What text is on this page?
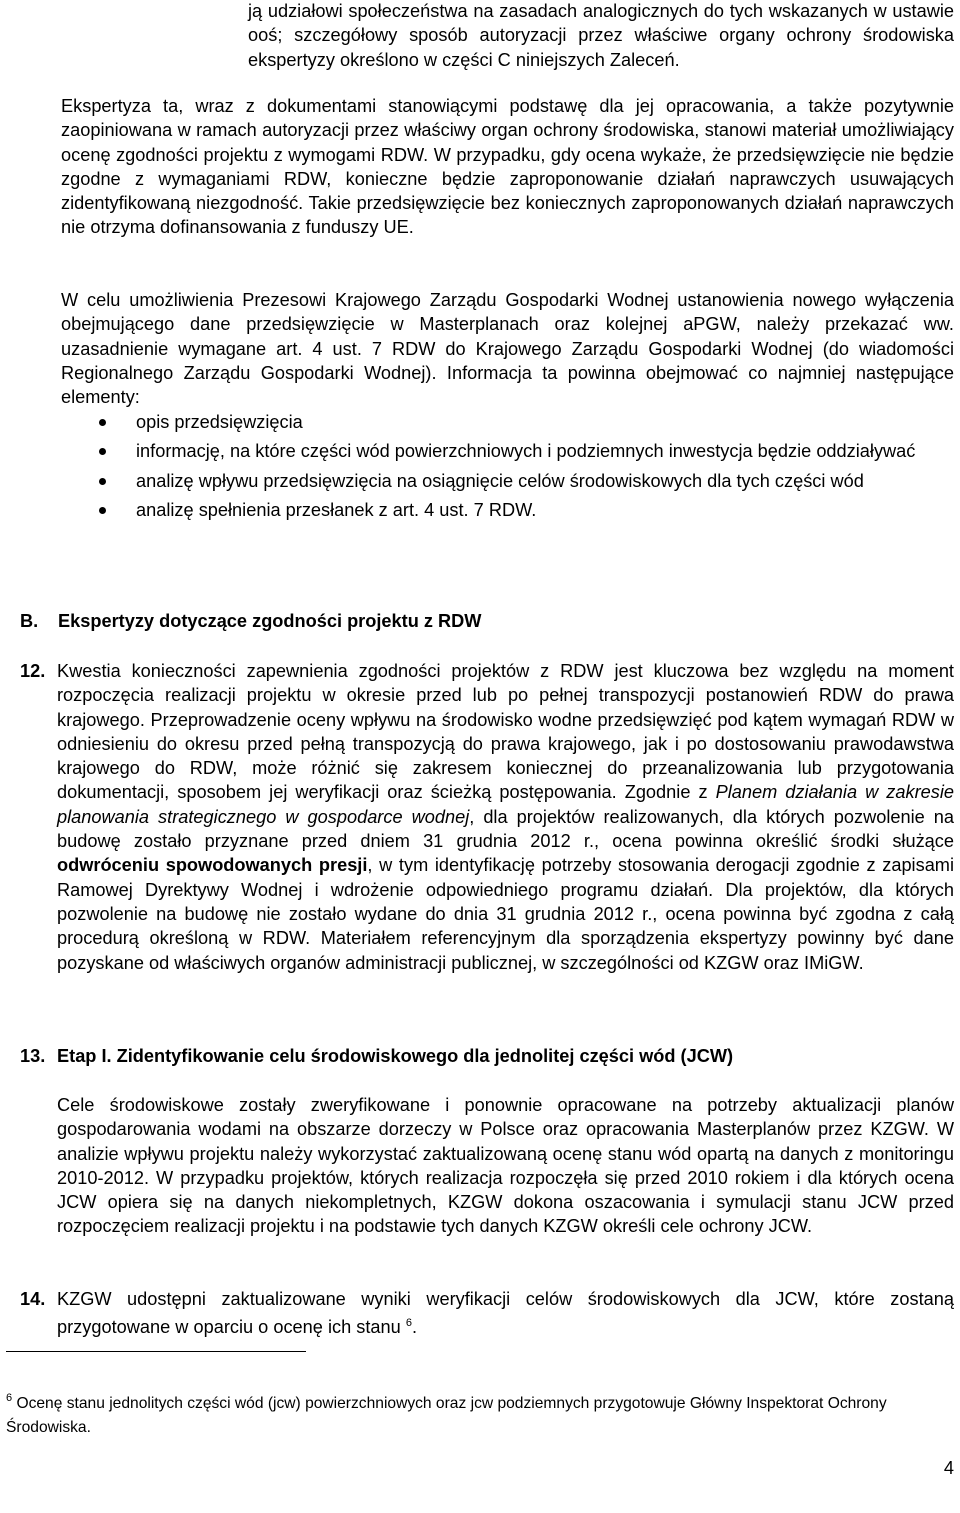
ją udziałowi społeczeństwa na zasadach analogicznych do tych wskazanych w ustawie ooś; szczegółowy sposób autoryzacji przez właściwe organy ochrony środowiska ekspertyzy określono w części C niniejszych Zaleceń.

Ekspertyza ta, wraz z dokumentami stanowiącymi podstawę dla jej opracowania, a także pozytywnie zaopiniowana w ramach autoryzacji przez właściwy organ ochrony środowiska, stanowi materiał umożliwiający ocenę zgodności projektu z wymogami RDW. W przypadku, gdy ocena wykaże, że przedsięwzięcie nie będzie zgodne z wymaganiami RDW, konieczne będzie zaproponowanie działań naprawczych usuwających zidentyfikowaną niezgodność. Takie przedsięwzięcie bez koniecznych zaproponowanych działań naprawczych nie otrzyma dofinansowania z funduszy UE.

W celu umożliwienia Prezesowi Krajowego Zarządu Gospodarki Wodnej ustanowienia nowego wyłączenia obejmującego dane przedsięwzięcie w Masterplanach oraz kolejnej aPGW, należy przekazać ww. uzasadnienie wymagane art. 4 ust. 7 RDW do Krajowego Zarządu Gospodarki Wodnej (do wiadomości Regionalnego Zarządu Gospodarki Wodnej). Informacja ta powinna obejmować co najmniej następujące elementy:

opis przedsięwzięcia
informację, na które części wód powierzchniowych i podziemnych inwestycja będzie oddziaływać
analizę wpływu przedsięwzięcia na osiągnięcie celów środowiskowych dla tych części wód
analizę spełnienia przesłanek z art. 4 ust. 7 RDW.
B. Ekspertyzy dotyczące zgodności projektu z RDW
12. Kwestia konieczności zapewnienia zgodności projektów z RDW jest kluczowa bez względu na moment rozpoczęcia realizacji projektu w okresie przed lub po pełnej transpozycji postanowień RDW do prawa krajowego. Przeprowadzenie oceny wpływu na środowisko wodne przedsięwzięć pod kątem wymagań RDW w odniesieniu do okresu przed pełną transpozycją do prawa krajowego, jak i po dostosowaniu prawodawstwa krajowego do RDW, może różnić się zakresem koniecznej do przeanalizowania lub przygotowania dokumentacji, sposobem jej weryfikacji oraz ścieżką postępowania. Zgodnie z Planem działania w zakresie planowania strategicznego w gospodarce wodnej, dla projektów realizowanych, dla których pozwolenie na budowę zostało przyznane przed dniem 31 grudnia 2012 r., ocena powinna określić środki służące odwróceniu spowodowanych presji, w tym identyfikację potrzeby stosowania derogacji zgodnie z zapisami Ramowej Dyrektywy Wodnej i wdrożenie odpowiedniego programu działań. Dla projektów, dla których pozwolenie na budowę nie zostało wydane do dnia 31 grudnia 2012 r., ocena powinna być zgodna z całą procedurą określoną w RDW. Materiałem referencyjnym dla sporządzenia ekspertyzy powinny być dane pozyskane od właściwych organów administracji publicznej, w szczególności od KZGW oraz IMiGW.

13. Etap I. Zidentyfikowanie celu środowiskowego dla jednolitej części wód (JCW)

Cele środowiskowe zostały zweryfikowane i ponownie opracowane na potrzeby aktualizacji planów gospodarowania wodami na obszarze dorzeczy w Polsce oraz opracowania Masterplanów przez KZGW. W analizie wpływu projektu należy wykorzystać zaktualizowaną ocenę stanu wód opartą na danych z monitoringu 2010-2012. W przypadku projektów, których realizacja rozpoczęła się przed 2010 rokiem i dla których ocena JCW opiera się na danych niekompletnych, KZGW dokona oszacowania i symulacji stanu JCW przed rozpoczęciem realizacji projektu i na podstawie tych danych KZGW określi cele ochrony JCW.

14. KZGW udostępni zaktualizowane wyniki weryfikacji celów środowiskowych dla JCW, które zostaną przygotowane w oparciu o ocenę ich stanu $^6$.

$^6$ Ocenę stanu jednolitych części wód (jcw) powierzchniowych oraz jcw podziemnych przygotowuje Główny Inspektorat Ochrony Środowiska.

4
